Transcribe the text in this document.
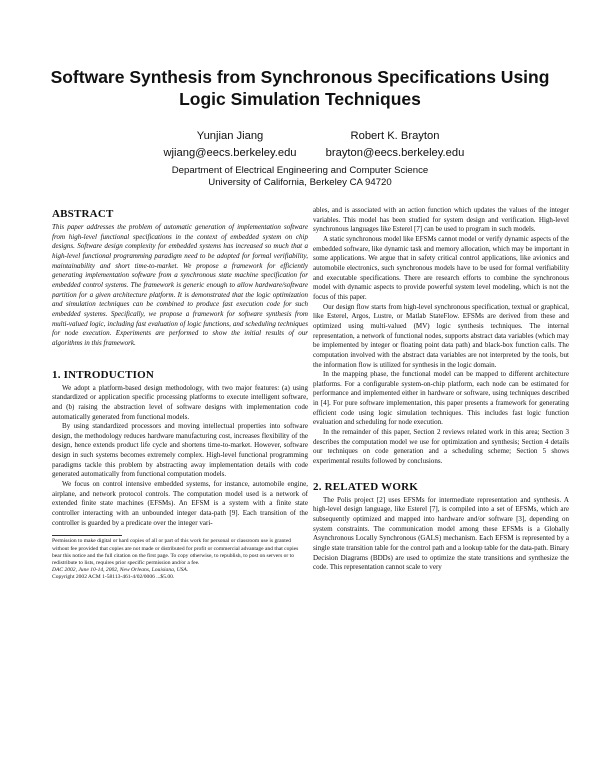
Software Synthesis from Synchronous Specifications Using Logic Simulation Techniques
Yunjian Jiang
wjiang@eecs.berkeley.edu
Robert K. Brayton
brayton@eecs.berkeley.edu
Department of Electrical Engineering and Computer Science
University of California, Berkeley CA 94720
ABSTRACT

This paper addresses the problem of automatic generation of implementation software from high-level functional specifications in the context of embedded system on chip designs. Software design complexity for embedded systems has increased so much that a high-level functional programming paradigm need to be adopted for formal verifiability, maintainability and short time-to-market. We propose a framework for efficiently generating implementation software from a synchronous state machine specification for embedded control systems. The framework is generic enough to allow hardware/software partition for a given architecture platform. It is demonstrated that the logic optimization and simulation techniques can be combined to produce fast execution code for such embedded systems. Specifically, we propose a framework for software synthesis from multi-valued logic, including fast evaluation of logic functions, and scheduling techniques for node execution. Experiments are performed to show the initial results of our algorithms in this framework.

1. INTRODUCTION

We adopt a platform-based design methodology, with two major features: (a) using standardized or application specific processing platforms to execute intelligent software, and (b) raising the abstraction level of software designs with implementation code automatically generated from functional models.

By using standardized processors and moving intellectual properties into software design, the methodology reduces hardware manufacturing cost, increases flexibility of the design, hence extends product life cycle and shortens time-to-market. However, software design in such systems becomes extremely complex. High-level functional programming paradigms tackle this problem by abstracting away implementation details with code generated automatically from functional computation models.

We focus on control intensive embedded systems, for instance, automobile engine, airplane, and network protocol controls. The computation model used is a network of extended finite state machines (EFSMs). An EFSM is a system with a finite state controller interacting with an unbounded integer data-path [9]. Each transition of the controller is guarded by a predicate over the integer vari-

Permission to make digital or hard copies of all or part of this work for personal or classroom use is granted without fee provided that copies are not made or distributed for profit or commercial advantage and that copies bear this notice and the full citation on the first page. To copy otherwise, to republish, to post on servers or to redistribute to lists, requires prior specific permission and/or a fee.

DAC 2002, June 10-14, 2002, New Orleans, Louisiana, USA.

Copyright 2002 ACM 1-58113-461-4/02/0006 ...$5.00.

ables, and is associated with an action function which updates the values of the integer variables. This model has been studied for system design and verification. High-level synchronous languages like Esterel [7] can be used to program in such models.

A static synchronous model like EFSMs cannot model or verify dynamic aspects of the embedded software, like dynamic task and memory allocation, which may be important in some applications. We argue that in safety critical control applications, like avionics and automobile electronics, such synchronous models have to be used for formal verifiability and executable specifications. There are research efforts to combine the synchronous model with dynamic aspects to provide powerful system level modeling, which is not the focus of this paper.

Our design flow starts from high-level synchronous specification, textual or graphical, like Esterel, Argos, Lustre, or Matlab StateFlow. EFSMs are derived from these and optimized using multi-valued (MV) logic synthesis techniques. The internal representation, a network of functional nodes, supports abstract data variables (which may be implemented by integer or floating point data path) and black-box function calls. The computation involved with the abstract data variables are not interpreted by the tools, but the information flow is utilized for synthesis in the logic domain.

In the mapping phase, the functional model can be mapped to different architecture platforms. For a configurable system-on-chip platform, each node can be estimated for performance and implemented either in hardware or software, using techniques described in [4]. For pure software implementation, this paper presents a framework for generating efficient code using logic simulation techniques. This includes fast logic function evaluation and scheduling for node execution.

In the remainder of this paper, Section 2 reviews related work in this area; Section 3 describes the computation model we use for optimization and synthesis; Section 4 details our techniques on code generation and a scheduling scheme; Section 5 shows experimental results followed by conclusions.

2. RELATED WORK

The Polis project [2] uses EFSMs for intermediate representation and synthesis. A high-level design language, like Esterel [7], is compiled into a set of EFSMs, which are subsequently optimized and mapped into hardware and/or software [3], depending on system constraints. The communication model among these EFSMs is a Globally Asynchronous Locally Synchronous (GALS) mechanism. Each EFSM is represented by a single state transition table for the control path and a lookup table for the data-path. Binary Decision Diagrams (BDDs) are used to optimize the state transitions and synthesize the code. This representation cannot scale to very
